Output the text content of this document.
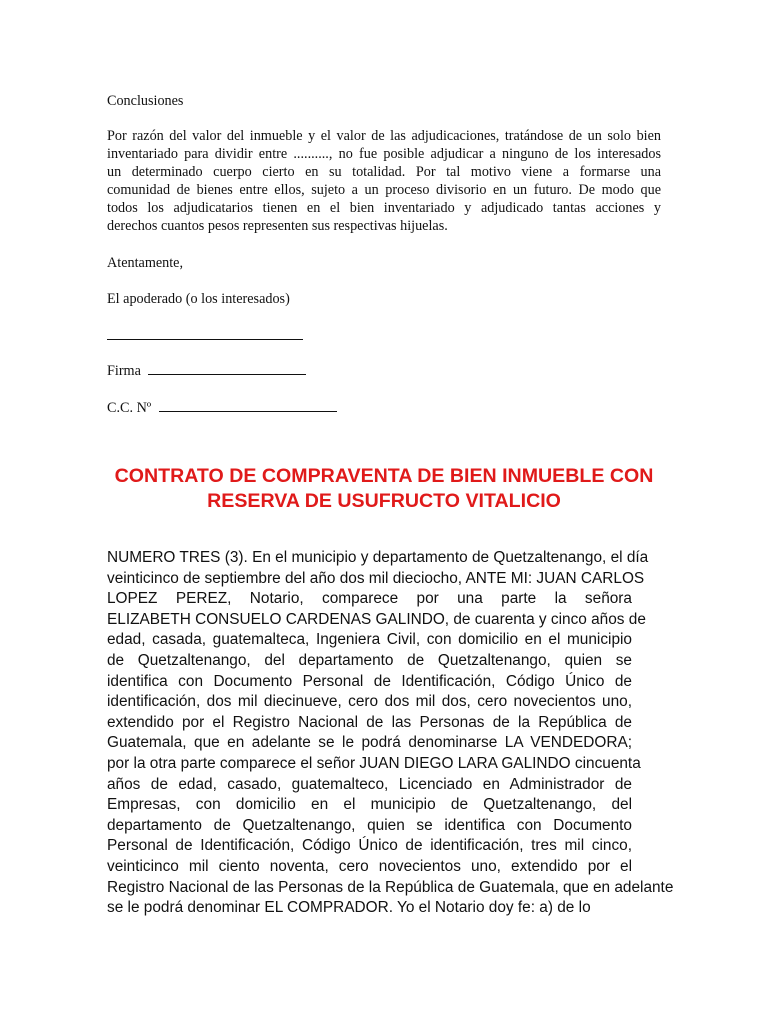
Conclusiones
Por razón del valor del inmueble y el valor de las adjudicaciones, tratándose de un solo bien
inventariado para dividir entre .........., no fue posible adjudicar a ninguno de los interesados
un determinado cuerpo cierto en su totalidad. Por tal motivo viene a formarse una
comunidad de bienes entre ellos, sujeto a un proceso divisorio en un futuro. De modo que
todos los adjudicatarios tienen en el bien inventariado y adjudicado tantas acciones y
derechos cuantos pesos representen sus respectivas hijuelas.
Atentamente,
El apoderado (o los interesados)
Firma
C.C. Nº
CONTRATO DE COMPRAVENTA DE BIEN INMUEBLE CON
RESERVA DE USUFRUCTO VITALICIO
NUMERO TRES (3). En el municipio y departamento de Quetzaltenango, el día
veinticinco de septiembre del año dos mil dieciocho, ANTE MI: JUAN CARLOS
LOPEZ PEREZ, Notario, comparece por una parte la señora
ELIZABETH CONSUELO CARDENAS GALINDO, de cuarenta y cinco años de
edad, casada, guatemalteca, Ingeniera Civil, con domicilio en el municipio
de Quetzaltenango, del departamento de Quetzaltenango, quien se
identifica con Documento Personal de Identificación, Código Único de
identificación, dos mil diecinueve, cero dos mil dos, cero novecientos uno,
extendido por el Registro Nacional de las Personas de la República de
Guatemala, que en adelante se le podrá denominarse LA VENDEDORA;
por la otra parte comparece el señor JUAN DIEGO LARA GALINDO cincuenta
años de edad, casado, guatemalteco, Licenciado en Administrador de
Empresas, con domicilio en el municipio de Quetzaltenango, del
departamento de Quetzaltenango, quien se identifica con Documento
Personal de Identificación, Código Único de identificación, tres mil cinco,
veinticinco mil ciento noventa, cero novecientos uno, extendido por el
Registro Nacional de las Personas de la República de Guatemala, que en adelante
se le podrá denominar EL COMPRADOR. Yo el Notario doy fe: a) de lo
